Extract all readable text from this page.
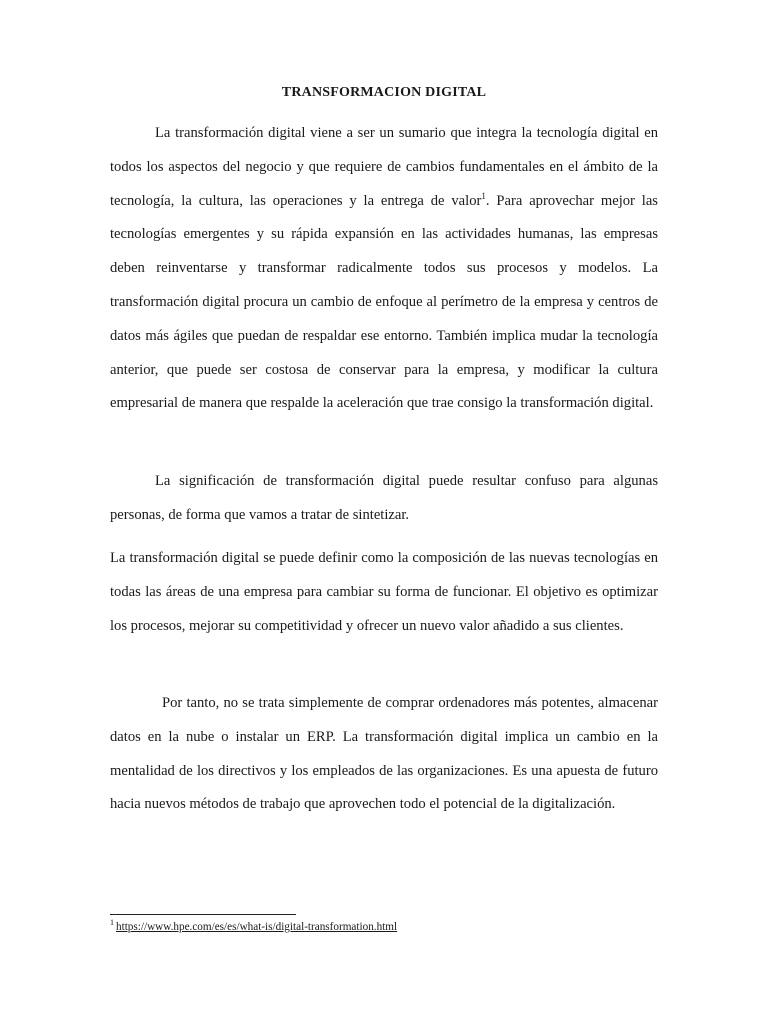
TRANSFORMACION DIGITAL

La transformación digital viene a ser un sumario que integra la tecnología digital en todos los aspectos del negocio y que requiere de cambios fundamentales en el ámbito de la tecnología, la cultura, las operaciones y la entrega de valor$^1$. Para aprovechar mejor las tecnologías emergentes y su rápida expansión en las actividades humanas, las empresas deben reinventarse y transformar radicalmente todos sus procesos y modelos. La transformación digital procura un cambio de enfoque al perímetro de la empresa y centros de datos más ágiles que puedan de respaldar ese entorno. También implica mudar la tecnología anterior, que puede ser costosa de conservar para la empresa, y modificar la cultura empresarial de manera que respalde la aceleración que trae consigo la transformación digital.

La significación de transformación digital puede resultar confuso para algunas personas, de forma que vamos a tratar de sintetizar.

La transformación digital se puede definir como la composición de las nuevas tecnologías en todas las áreas de una empresa para cambiar su forma de funcionar. El objetivo es optimizar los procesos, mejorar su competitividad y ofrecer un nuevo valor añadido a sus clientes.

Por tanto, no se trata simplemente de comprar ordenadores más potentes, almacenar datos en la nube o instalar un ERP. La transformación digital implica un cambio en la mentalidad de los directivos y los empleados de las organizaciones. Es una apuesta de futuro hacia nuevos métodos de trabajo que aprovechen todo el potencial de la digitalización.

$^1$ https://www.hpe.com/es/es/what-is/digital-transformation.html
